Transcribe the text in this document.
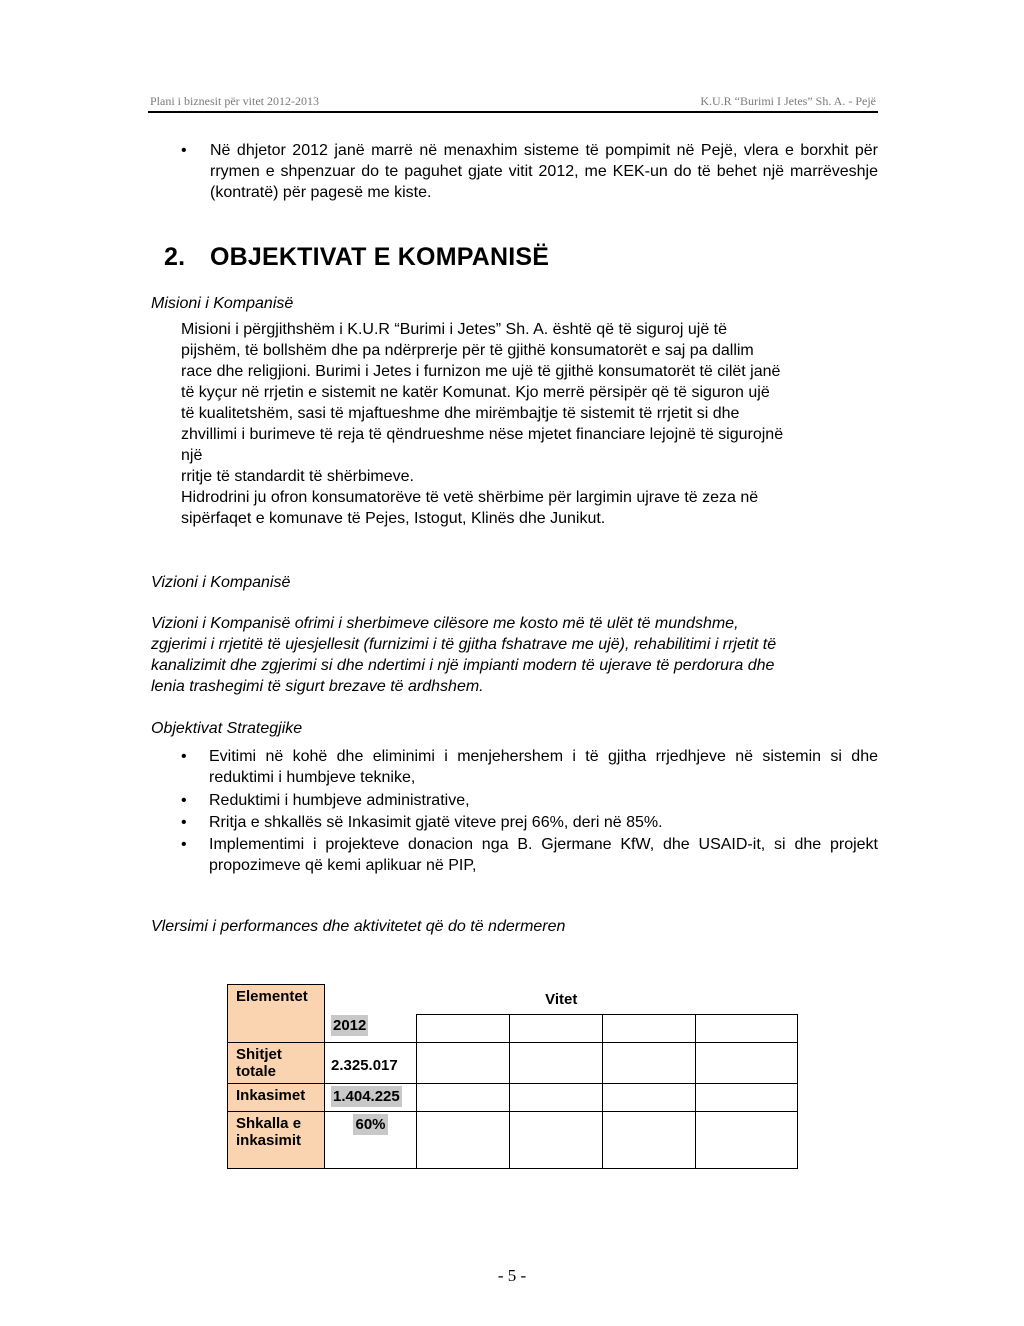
Plani i biznesit për vitet 2012-2013	K.U.R “Burimi I Jetes” Sh. A. - Pejë
• Në dhjetor 2012 janë marrë në menaxhim sisteme të pompimit në Pejë, vlera e borxhit për rrymen e shpenzuar do te paguhet gjate vitit 2012, me KEK-un do të behet një marrëveshje (kontratë) për pagesë me kiste.
2. OBJEKTIVAT E KOMPANISË
Misioni i Kompanisë
Misioni i përgjithshëm i K.U.R “Burimi i Jetes” Sh. A. është që të siguroj ujë të
pijshëm, të bollshëm dhe pa ndërprerje për të gjithë konsumatorët e saj pa dallim
race dhe religjioni. Burimi i Jetes i furnizon me ujë të gjithë konsumatorët të cilët janë
të kyçur në rrjetin e sistemit ne katër Komunat. Kjo merrë përsipër që të siguron ujë
të kualitetshëm, sasi të mjaftueshme dhe mirëmbajtje të sistemit të rrjetit si dhe
zhvillimi i burimeve të reja të qëndrueshme nëse mjetet financiare lejojnë të sigurojnë
një
rritje të standardit të shërbimeve.
Hidrodrini ju ofron konsumatorëve të vetë shërbime për largimin ujrave të zeza në
sipërfaqet e komunave të Pejes, Istogut, Klinës dhe Junikut.
Vizioni i Kompanisë
Vizioni i Kompanisë ofrimi i sherbimeve cilësore me kosto më të ulët të mundshme,
zgjerimi i rrjetitë të ujesjellesit (furnizimi i të gjitha fshatrave me ujë), rehabilitimi i rrjetit të
kanalizimit dhe zgjerimi si dhe ndertimi i një impianti modern të ujerave të perdorura dhe
lenia trashegimi të sigurt brezave të ardhshem.
Objektivat Strategjike
• Evitimi në kohë dhe eliminimi i menjehershem i të gjitha rrjedhjeve në sistemin si dhe reduktimi i humbjeve teknike,
• Reduktimi i humbjeve administrative,
• Rritja e shkallës së Inkasimit gjatë viteve prej 66%, deri në 85%.
• Implementimi i projekteve donacion nga B. Gjermane KfW, dhe USAID-it, si dhe projekt propozimeve që kemi aplikuar në PIP,
Vlersimi i performances dhe aktivitetet që do të ndermeren
Elementet	Vitet				
	2012				
Shitjet totale	2.325.017				
Inkasimet	1.404.225				
Shkalla e inkasimit	60%				
- 5 -
